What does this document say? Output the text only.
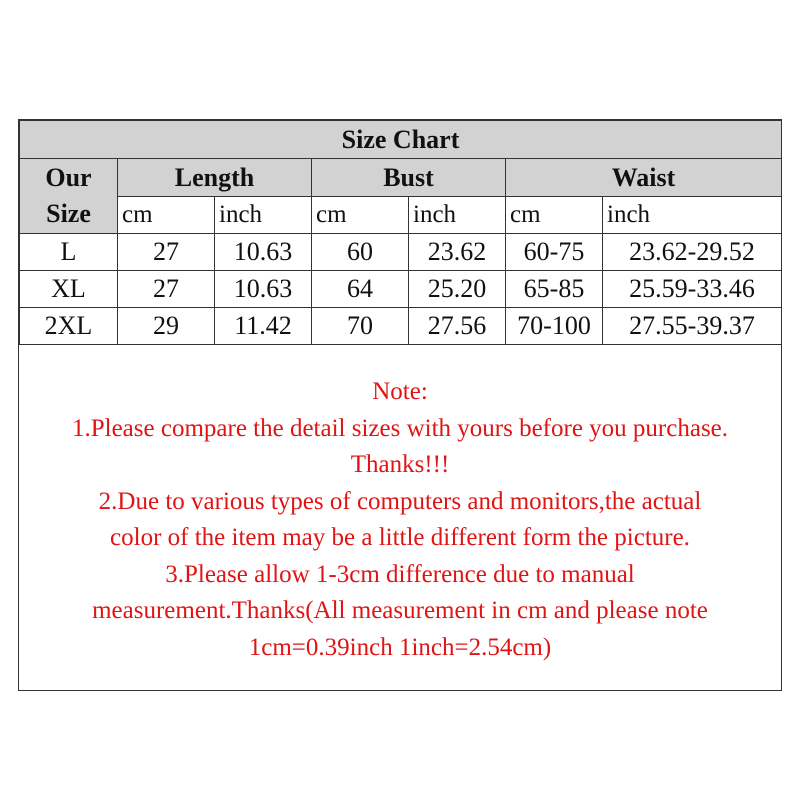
Size Chart						
Our
Size	Length		Bust		Waist	
	cm	inch	cm	inch	cm	inch
L	27	10.63	60	23.62	60-75	23.62-29.52
XL	27	10.63	64	25.20	65-85	25.59-33.46
2XL	29	11.42	70	27.56	70-100	27.55-39.37
Note:
1.Please compare the detail sizes with yours before you purchase.
Thanks!!!
2.Due to various types of computers and monitors,the actual
color of the item may be a little different form the picture.
3.Please allow 1-3cm difference due to manual
measurement.Thanks(All measurement in cm and please note
1cm=0.39inch 1inch=2.54cm)
